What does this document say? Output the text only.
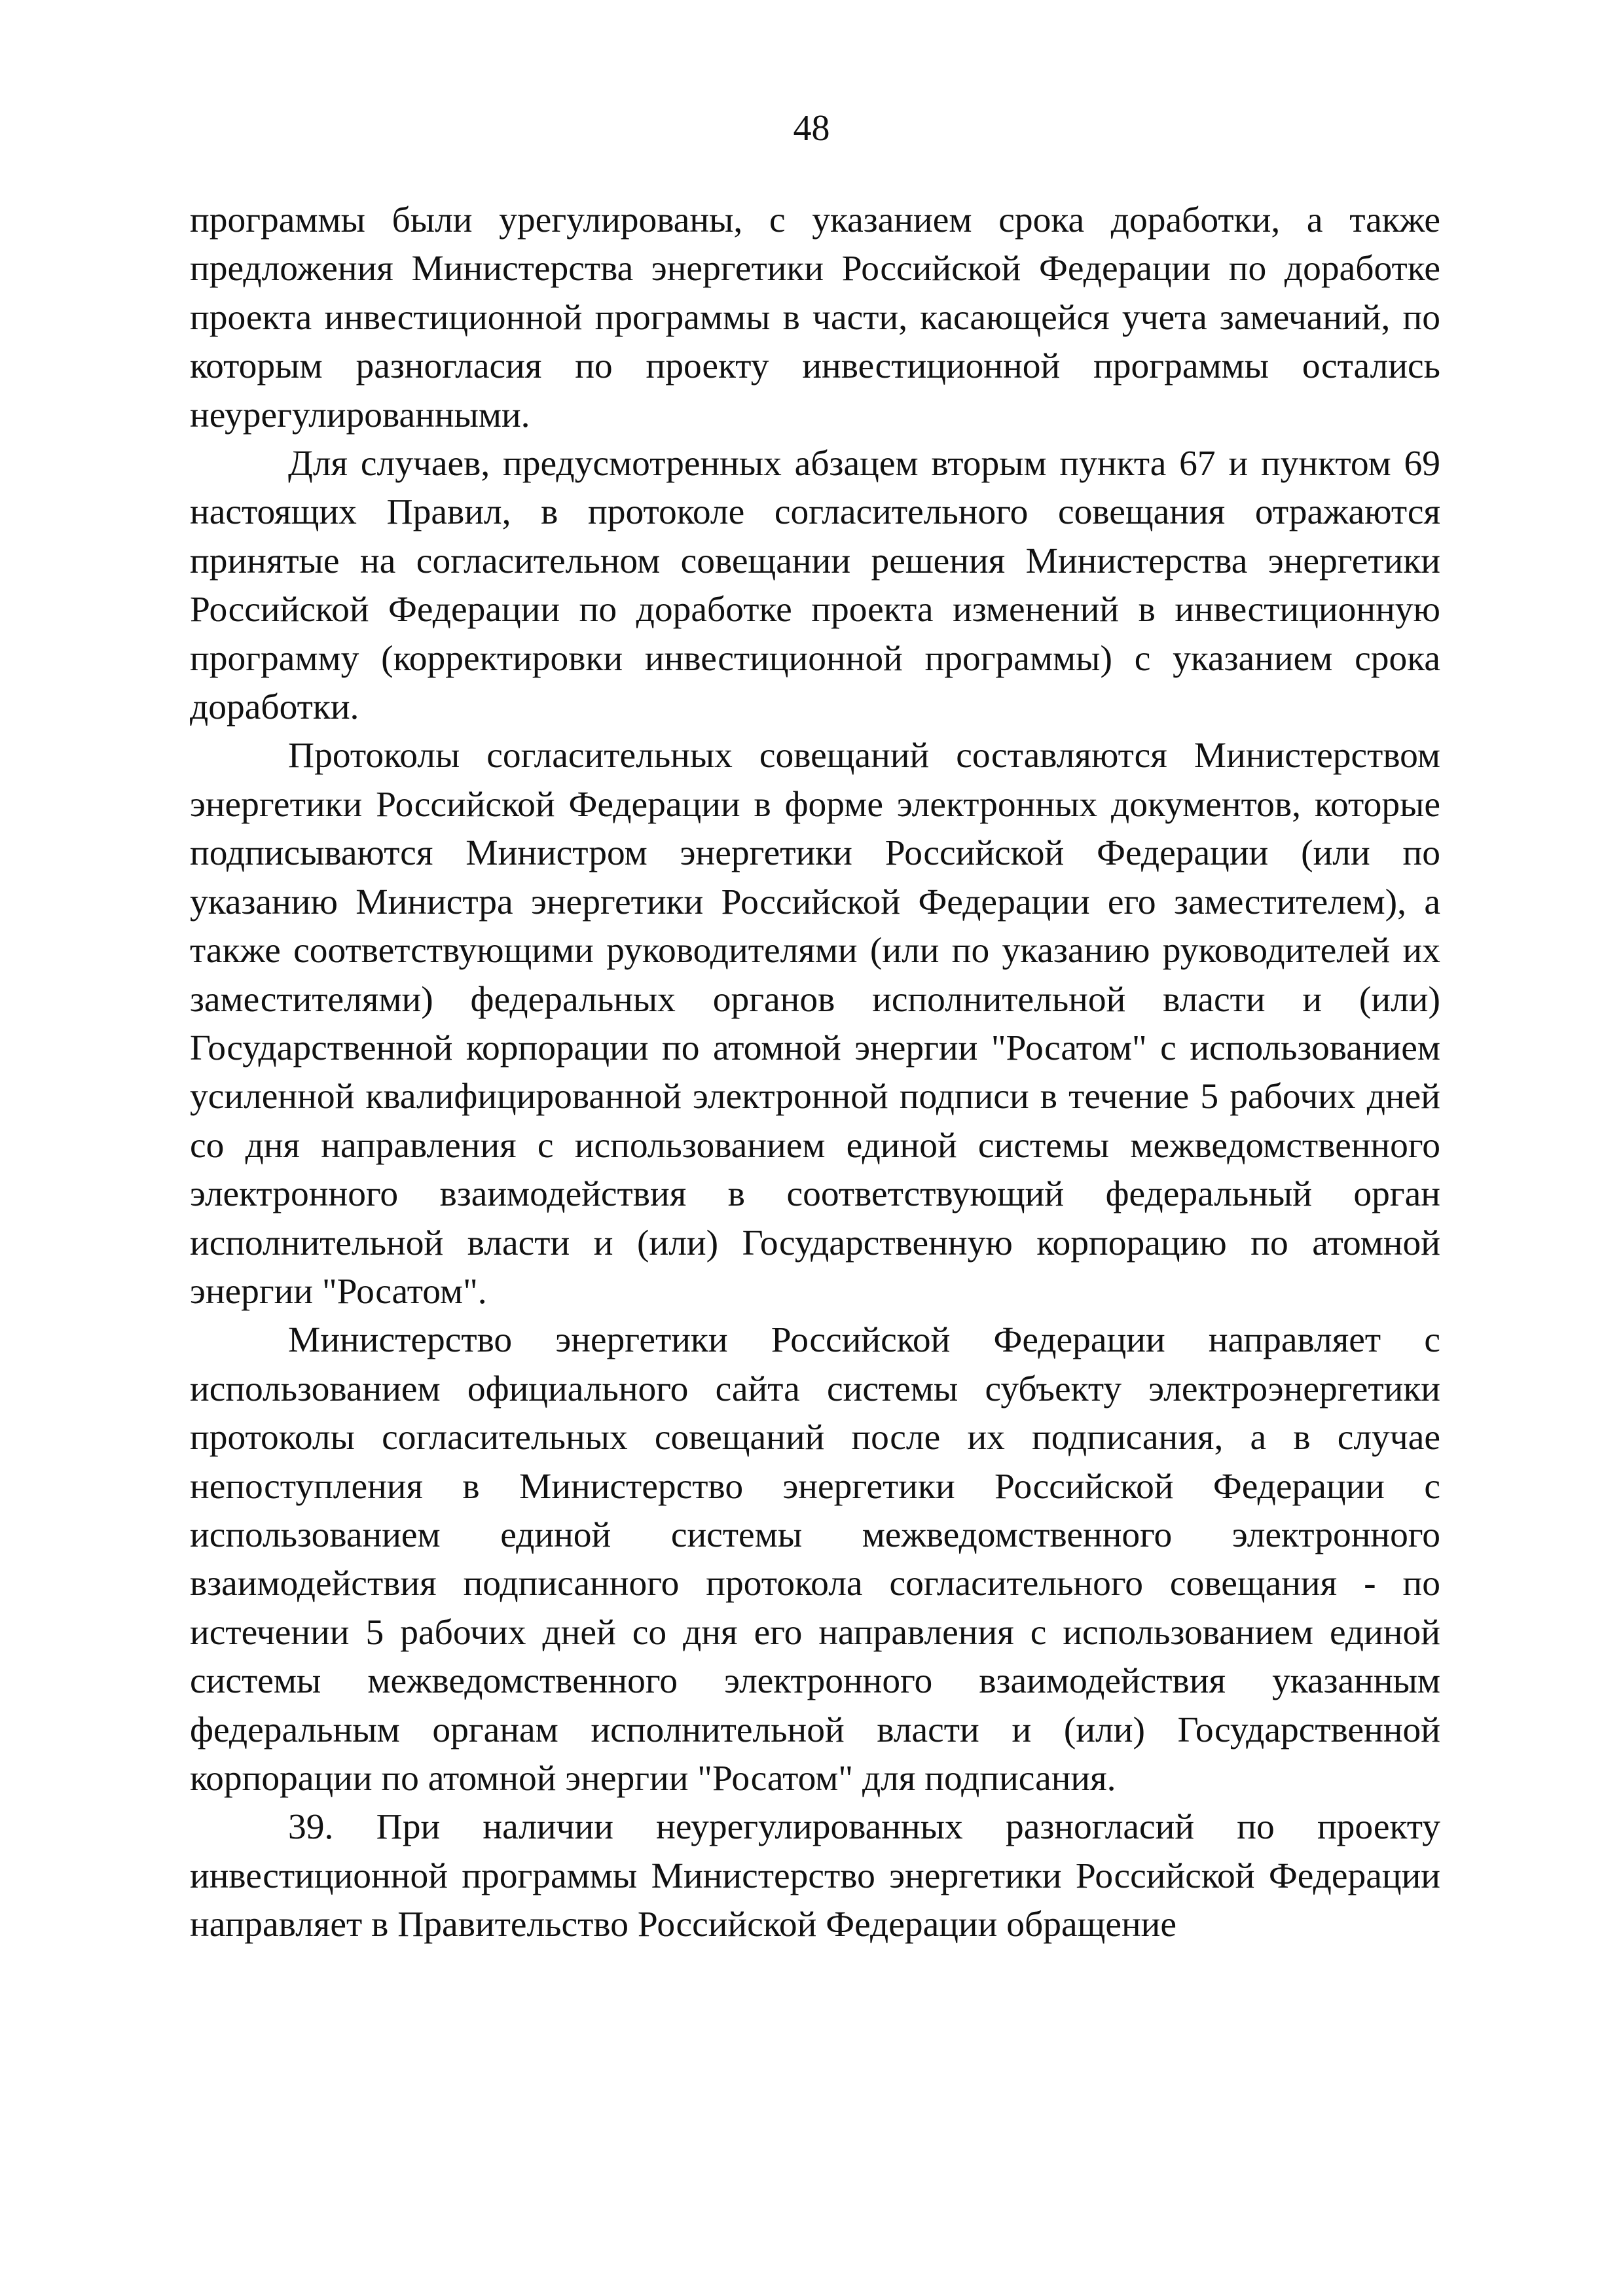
48

программы были урегулированы, с указанием срока доработки, а также предложения Министерства энергетики Российской Федерации по доработке проекта инвестиционной программы в части, касающейся учета замечаний, по которым разногласия по проекту инвестиционной программы остались неурегулированными.

Для случаев, предусмотренных абзацем вторым пункта 67 и пунктом 69 настоящих Правил, в протоколе согласительного совещания отражаются принятые на согласительном совещании решения Министерства энергетики Российской Федерации по доработке проекта изменений в инвестиционную программу (корректировки инвестиционной программы) с указанием срока доработки.

Протоколы согласительных совещаний составляются Министерством энергетики Российской Федерации в форме электронных документов, которые подписываются Министром энергетики Российской Федерации (или по указанию Министра энергетики Российской Федерации его заместителем), а также соответствующими руководителями (или по указанию руководителей их заместителями) федеральных органов исполнительной власти и (или) Государственной корпорации по атомной энергии "Росатом" с использованием усиленной квалифицированной электронной подписи в течение 5 рабочих дней со дня направления с использованием единой системы межведомственного электронного взаимодействия в соответствующий федеральный орган исполнительной власти и (или) Государственную корпорацию по атомной энергии "Росатом".

Министерство энергетики Российской Федерации направляет с использованием официального сайта системы субъекту электроэнергетики протоколы согласительных совещаний после их подписания, а в случае непоступления в Министерство энергетики Российской Федерации с использованием единой системы межведомственного электронного взаимодействия подписанного протокола согласительного совещания - по истечении 5 рабочих дней со дня его направления с использованием единой системы межведомственного электронного взаимодействия указанным федеральным органам исполнительной власти и (или) Государственной корпорации по атомной энергии "Росатом" для подписания.

39. При наличии неурегулированных разногласий по проекту инвестиционной программы Министерство энергетики Российской Федерации направляет в Правительство Российской Федерации обращение
